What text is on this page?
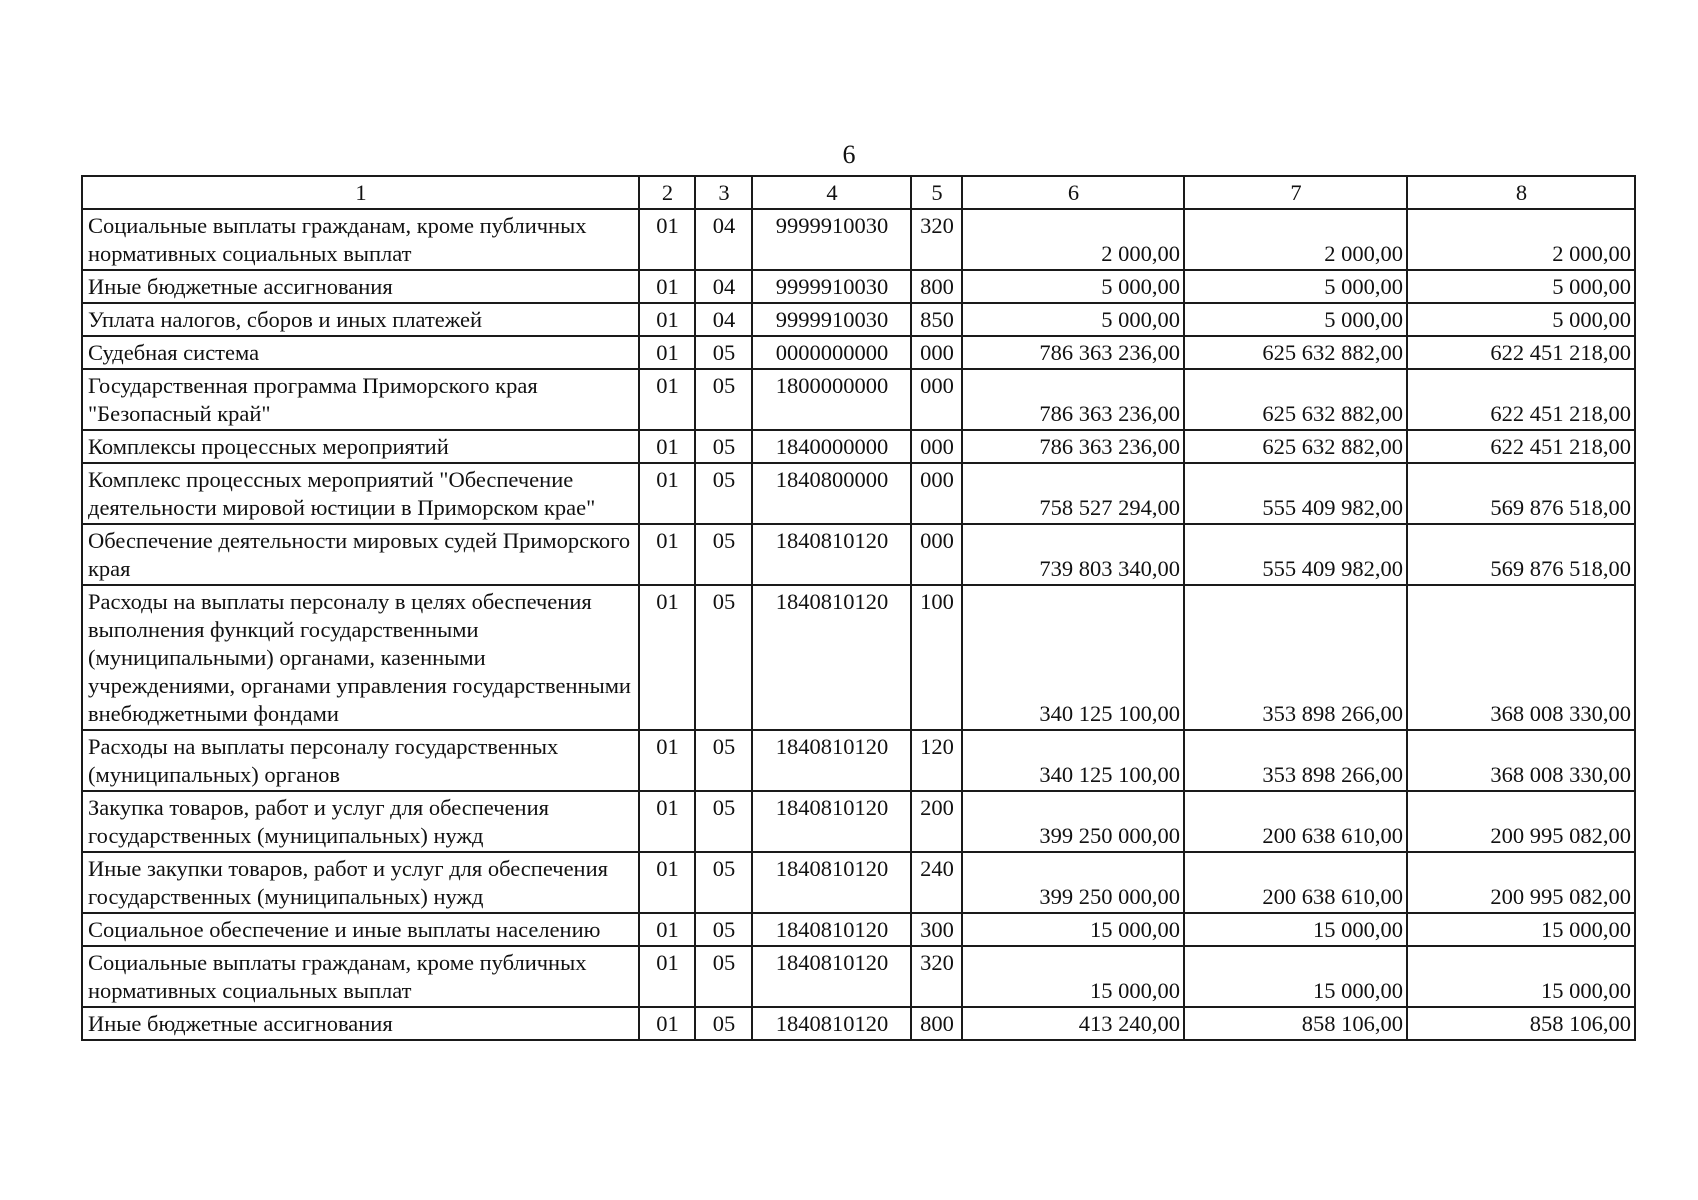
6
1	2	3	4	5	6	7	8
Социальные выплаты гражданам, кроме публичных нормативных социальных выплат	01	04	9999910030	320	2 000,00	2 000,00	2 000,00
Иные бюджетные ассигнования	01	04	9999910030	800	5 000,00	5 000,00	5 000,00
Уплата налогов, сборов и иных платежей	01	04	9999910030	850	5 000,00	5 000,00	5 000,00
Судебная система	01	05	0000000000	000	786 363 236,00	625 632 882,00	622 451 218,00
Государственная программа Приморского края "Безопасный край"	01	05	1800000000	000	786 363 236,00	625 632 882,00	622 451 218,00
Комплексы процессных мероприятий	01	05	1840000000	000	786 363 236,00	625 632 882,00	622 451 218,00
Комплекс процессных мероприятий "Обеспечение деятельности мировой юстиции в Приморском крае"	01	05	1840800000	000	758 527 294,00	555 409 982,00	569 876 518,00
Обеспечение деятельности мировых судей Приморского края	01	05	1840810120	000	739 803 340,00	555 409 982,00	569 876 518,00
Расходы на выплаты персоналу в целях обеспечения выполнения функций государственными (муниципальными) органами, казенными учреждениями, органами управления государственными внебюджетными фондами	01	05	1840810120	100	340 125 100,00	353 898 266,00	368 008 330,00
Расходы на выплаты персоналу государственных (муниципальных) органов	01	05	1840810120	120	340 125 100,00	353 898 266,00	368 008 330,00
Закупка товаров, работ и услуг для обеспечения государственных (муниципальных) нужд	01	05	1840810120	200	399 250 000,00	200 638 610,00	200 995 082,00
Иные закупки товаров, работ и услуг для обеспечения государственных (муниципальных) нужд	01	05	1840810120	240	399 250 000,00	200 638 610,00	200 995 082,00
Социальное обеспечение и иные выплаты населению	01	05	1840810120	300	15 000,00	15 000,00	15 000,00
Социальные выплаты гражданам, кроме публичных нормативных социальных выплат	01	05	1840810120	320	15 000,00	15 000,00	15 000,00
Иные бюджетные ассигнования	01	05	1840810120	800	413 240,00	858 106,00	858 106,00
